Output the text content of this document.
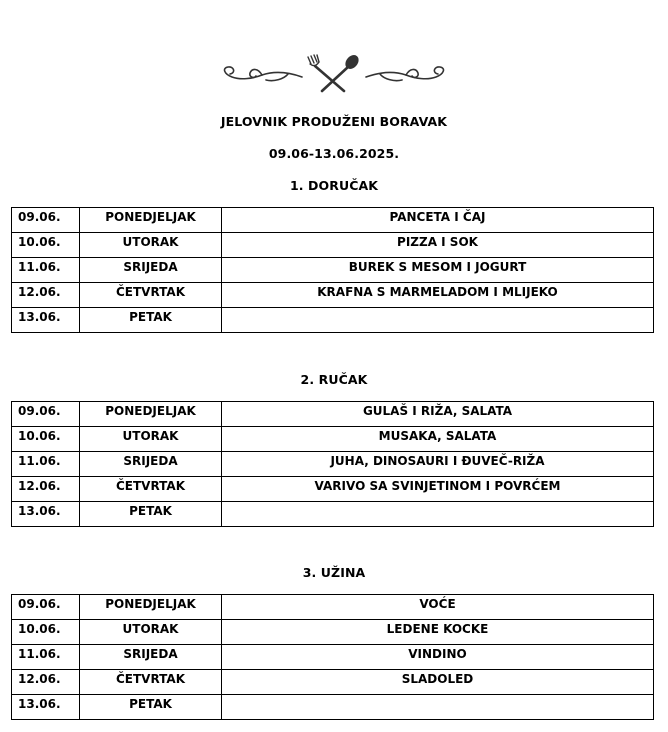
JELOVNIK PRODUŽENI BORAVAK
09.06-13.06.2025.
1. DORUČAK
09.06.	PONEDJELJAK	PANCETA I ČAJ
10.06.	UTORAK	PIZZA I SOK
11.06.	SRIJEDA	BUREK S MESOM I JOGURT
12.06.	ČETVRTAK	KRAFNA S MARMELADOM I MLIJEKO
13.06.	PETAK	
2. RUČAK
09.06.	PONEDJELJAK	GULAŠ I RIŽA, SALATA
10.06.	UTORAK	MUSAKA, SALATA
11.06.	SRIJEDA	JUHA, DINOSAURI I ĐUVEČ-RIŽA
12.06.	ČETVRTAK	VARIVO SA SVINJETINOM I POVRĆEM
13.06.	PETAK	
3. UŽINA
09.06.	PONEDJELJAK	VOĆE
10.06.	UTORAK	LEDENE KOCKE
11.06.	SRIJEDA	VINDINO
12.06.	ČETVRTAK	SLADOLED
13.06.	PETAK	
